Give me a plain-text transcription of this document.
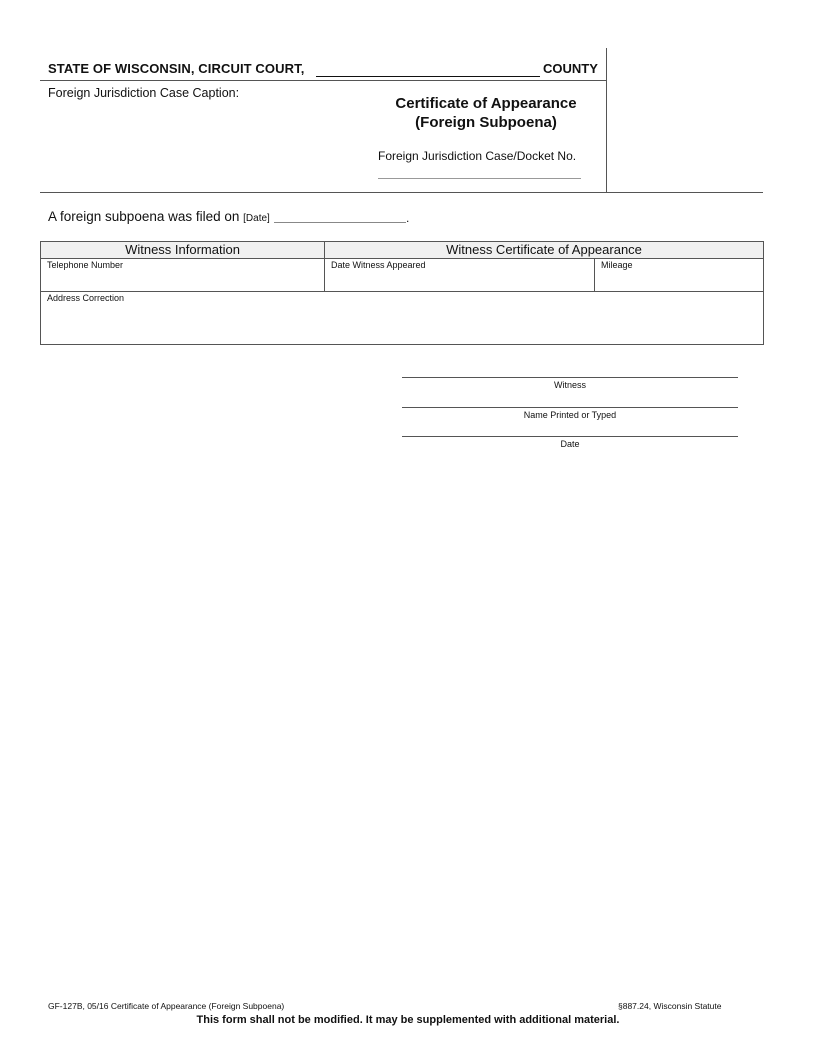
STATE OF WISCONSIN, CIRCUIT COURT,	COUNTY
Foreign Jurisdiction Case Caption:
Certificate of Appearance
(Foreign Subpoena)
Foreign Jurisdiction Case/Docket No.
A foreign subpoena was filed on [Date]	.
Witness Information	Witness Certificate of Appearance	
Telephone Number	Date Witness Appeared	Mileage
Address Correction		
Witness
Name Printed or Typed
Date
GF-127B, 05/16 Certificate of Appearance (Foreign Subpoena)	§887.24, Wisconsin Statute
This form shall not be modified. It may be supplemented with additional material.
